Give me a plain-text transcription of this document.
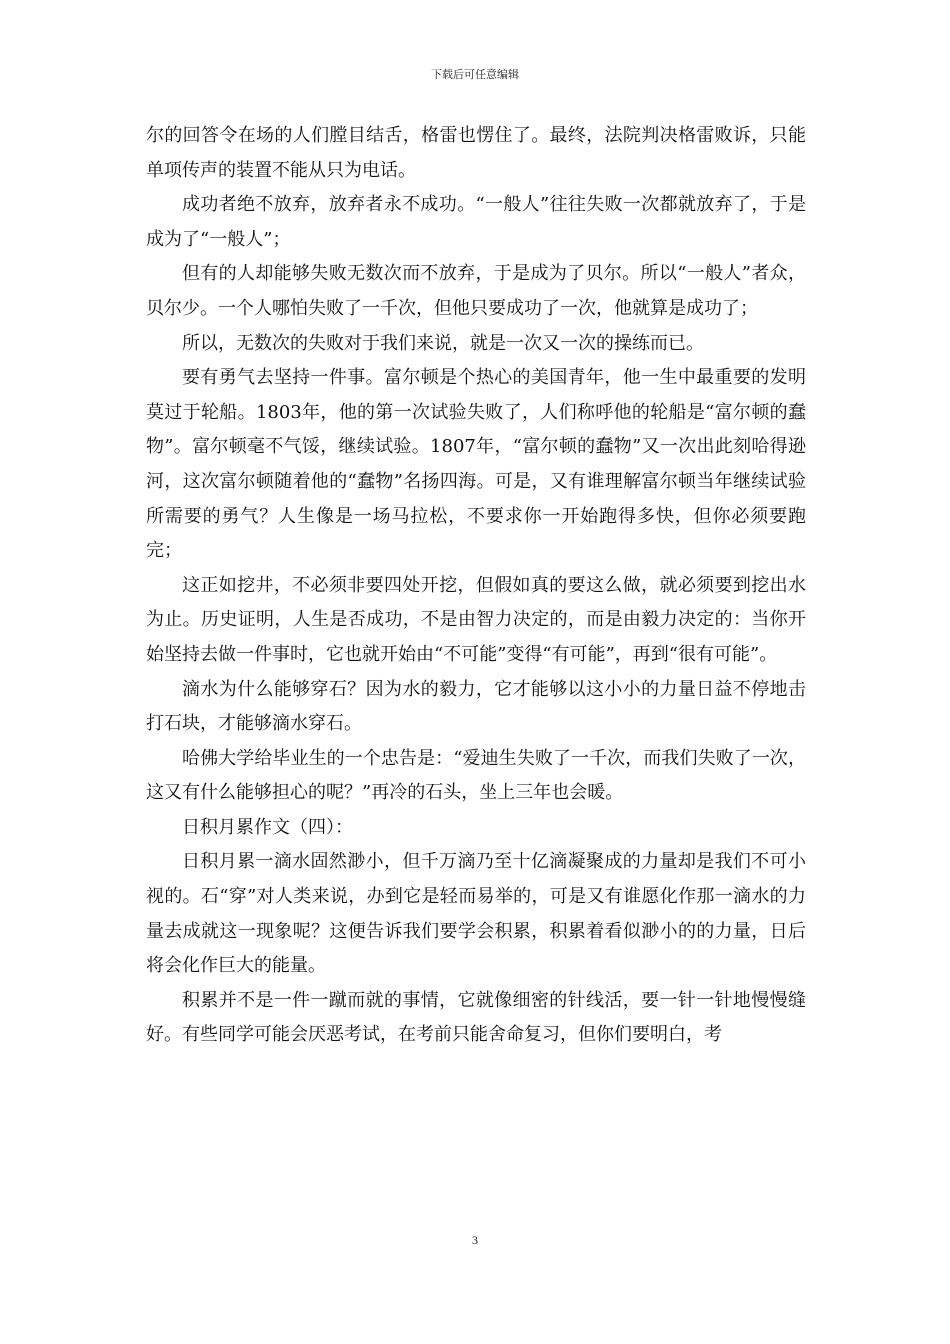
下载后可任意编辑

尔的回答令在场的人们膛目结舌，格雷也愣住了。最终，法院判决格雷败诉，只能单项传声的装置不能从只为电话。

成功者绝不放弃，放弃者永不成功。“一般人”往往失败一次都就放弃了，于是成为了“一般人”；

但有的人却能够失败无数次而不放弃，于是成为了贝尔。所以“一般人”者众，贝尔少。一个人哪怕失败了一千次，但他只要成功了一次，他就算是成功了；

所以，无数次的失败对于我们来说，就是一次又一次的操练而已。

要有勇气去坚持一件事。富尔顿是个热心的美国青年，他一生中最重要的发明莫过于轮船。1803年，他的第一次试验失败了，人们称呼他的轮船是“富尔顿的蠢物”。富尔顿毫不气馁，继续试验。1807年，“富尔顿的蠢物”又一次出此刻哈得逊河，这次富尔顿随着他的“蠢物”名扬四海。可是，又有谁理解富尔顿当年继续试验所需要的勇气？人生像是一场马拉松，不要求你一开始跑得多快，但你必须要跑完；

这正如挖井，不必须非要四处开挖，但假如真的要这么做，就必须要到挖出水为止。历史证明，人生是否成功，不是由智力决定的，而是由毅力决定的：当你开始坚持去做一件事时，它也就开始由“不可能”变得“有可能”，再到“很有可能”。

滴水为什么能够穿石？因为水的毅力，它才能够以这小小的力量日益不停地击打石块，才能够滴水穿石。

哈佛大学给毕业生的一个忠告是：“爱迪生失败了一千次，而我们失败了一次，这又有什么能够担心的呢？”再冷的石头，坐上三年也会暖。

日积月累作文（四）：

日积月累一滴水固然渺小，但千万滴乃至十亿滴凝聚成的力量却是我们不可小视的。石“穿”对人类来说，办到它是轻而易举的，可是又有谁愿化作那一滴水的力量去成就这一现象呢？这便告诉我们要学会积累，积累着看似渺小的的力量，日后将会化作巨大的能量。

积累并不是一件一蹴而就的事情，它就像细密的针线活，要一针一针地慢慢缝好。有些同学可能会厌恶考试，在考前只能舍命复习，但你们要明白，考

3
